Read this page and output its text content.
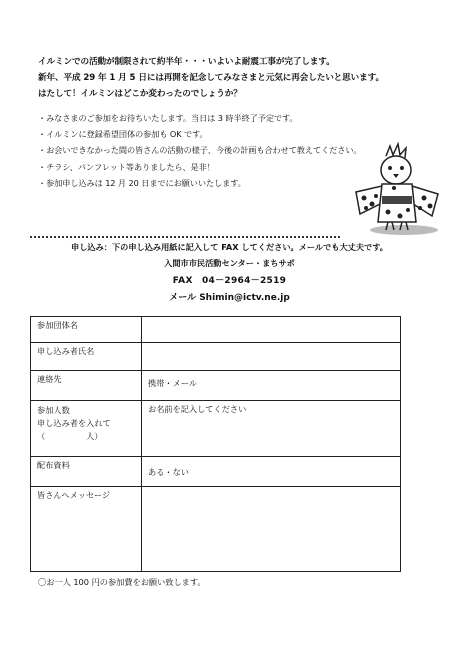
イルミンでの活動が制限されて約半年・・・いよいよ耐震工事が完了します。
新年、平成 29 年 1 月 5 日には再開を記念してみなさまと元気に再会したいと思います。
はたして！イルミンはどこか変わったのでしょうか？
・みなさまのご参加をお待ちいたします。当日は 3 時半終了予定です。
・イルミンに登録希望団体の参加も OK です。
・お会いできなかった間の皆さんの活動の様子、今後の計画も合わせて教えてください。
・チラシ、パンフレット等ありましたら、是非！
・参加申し込みは 12 月 20 日までにお願いいたします。
申し込み：下の申し込み用紙に記入して FAX してください。メールでも大丈夫です。
入間市市民活動センター・まちサポ
FAX　04－2964－2519
メール Shimin@ictv.ne.jp
参加団体名	
申し込み者氏名	
連絡先	携帯・メール

参加人数
申し込み者を入れて
（　　　　　人）	お名前を記入してください
配布資料	ある・ない
皆さんへメッセージ	
〇お一人 100 円の参加費をお願い致します。
